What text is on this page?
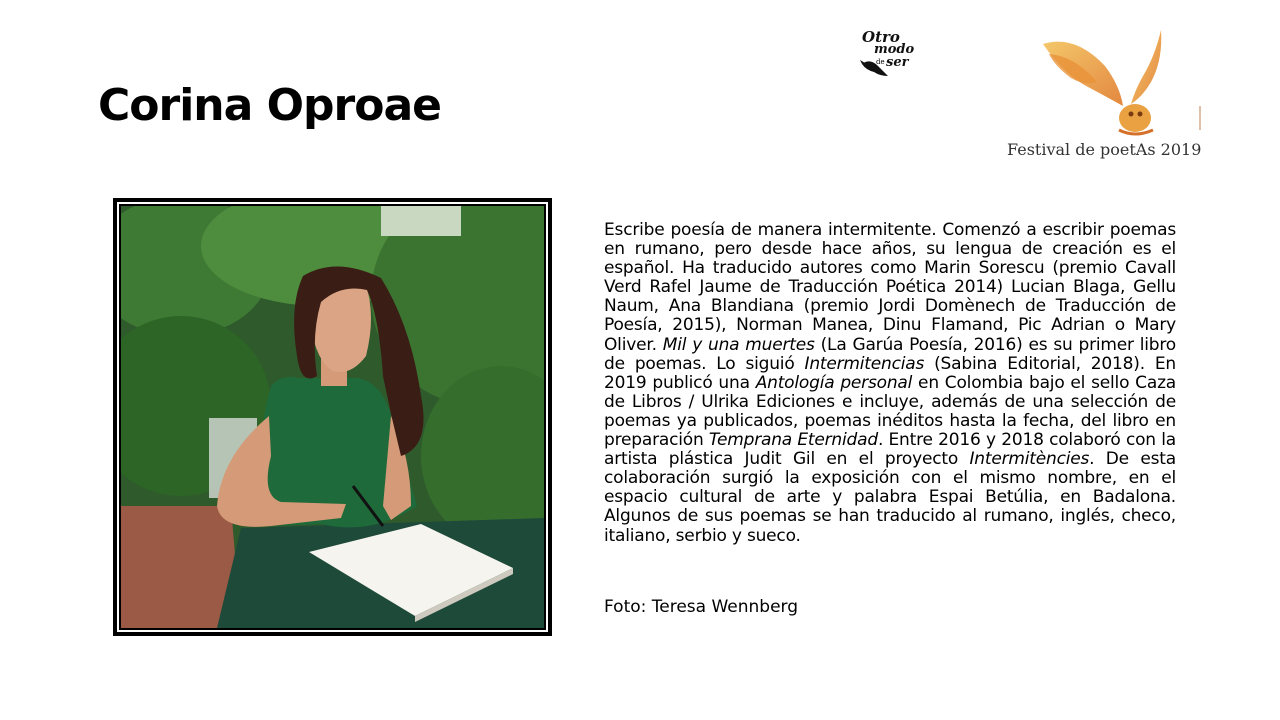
Corina Oproae
Otro
modo
de ser
Festival de poetAs 2019

Escribe poesía de manera intermitente. Comenzó a escribir poemas en rumano, pero desde hace años, su lengua de creación es el español. Ha traducido autores como Marin Sorescu (premio Cavall Verd Rafel Jaume de Traducción Poética 2014) Lucian Blaga, Gellu Naum, Ana Blandiana (premio Jordi Domènech de Traducción de Poesía, 2015), Norman Manea, Dinu Flamand, Pic Adrian o Mary Oliver. Mil y una muertes (La Garúa Poesía, 2016) es su primer libro de poemas. Lo siguió Intermitencias (Sabina Editorial, 2018). En 2019 publicó una Antología personal en Colombia bajo el sello Caza de Libros / Ulrika Ediciones e incluye, además de una selección de poemas ya publicados, poemas inéditos hasta la fecha, del libro en preparación Temprana Eternidad. Entre 2016 y 2018 colaboró con la artista plástica Judit Gil en el proyecto Intermitències. De esta colaboración surgió la exposición con el mismo nombre, en el espacio cultural de arte y palabra Espai Betúlia, en Badalona. Algunos de sus poemas se han traducido al rumano, inglés, checo, italiano, serbio y sueco.

Foto: Teresa Wennberg
